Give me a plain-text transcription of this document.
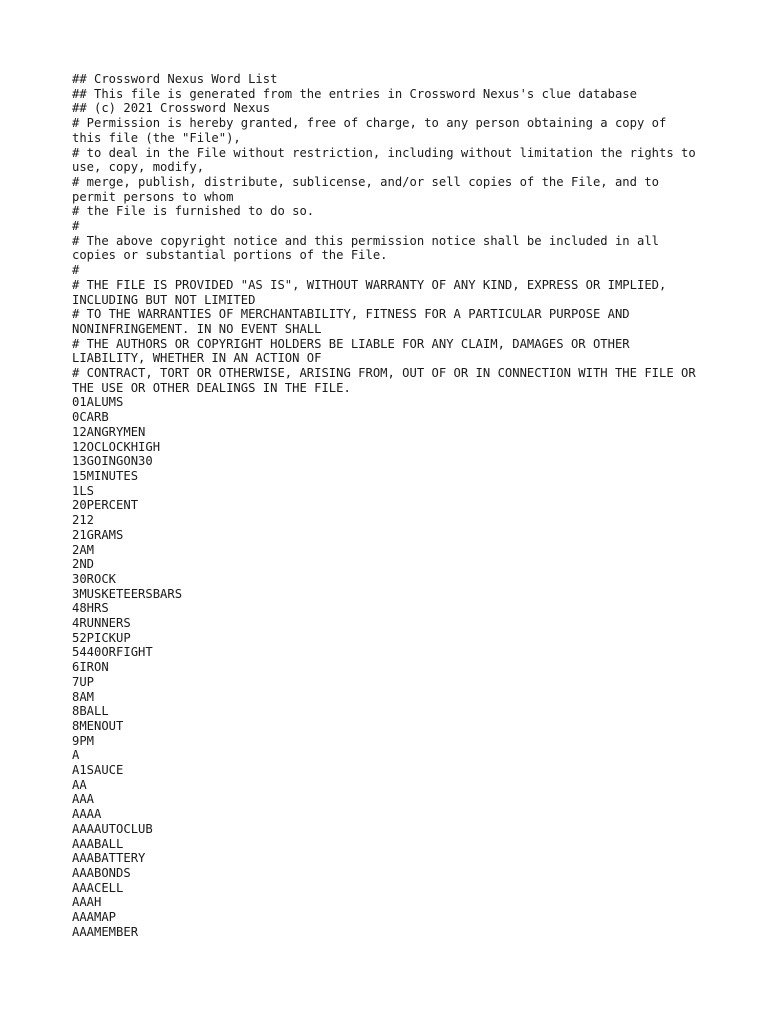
## Crossword Nexus Word List
## This file is generated from the entries in Crossword Nexus's clue database
## (c) 2021 Crossword Nexus
# Permission is hereby granted, free of charge, to any person obtaining a copy of this file (the "File"),
# to deal in the File without restriction, including without limitation the rights to use, copy, modify,
# merge, publish, distribute, sublicense, and/or sell copies of the File, and to permit persons to whom
# the File is furnished to do so.
#
# The above copyright notice and this permission notice shall be included in all copies or substantial portions of the File.
#
# THE FILE IS PROVIDED "AS IS", WITHOUT WARRANTY OF ANY KIND, EXPRESS OR IMPLIED, INCLUDING BUT NOT LIMITED
# TO THE WARRANTIES OF MERCHANTABILITY, FITNESS FOR A PARTICULAR PURPOSE AND NONINFRINGEMENT. IN NO EVENT SHALL
# THE AUTHORS OR COPYRIGHT HOLDERS BE LIABLE FOR ANY CLAIM, DAMAGES OR OTHER LIABILITY, WHETHER IN AN ACTION OF
# CONTRACT, TORT OR OTHERWISE, ARISING FROM, OUT OF OR IN CONNECTION WITH THE FILE OR THE USE OR OTHER DEALINGS IN THE FILE.
01ALUMS
0CARB
12ANGRYMEN
12OCLOCKHIGH
13GOINGON30
15MINUTES
1LS
20PERCENT
212
21GRAMS
2AM
2ND
30ROCK
3MUSKETEERSBARS
48HRS
4RUNNERS
52PICKUP
5440ORFIGHT
6IRON
7UP
8AM
8BALL
8MENOUT
9PM
A
A1SAUCE
AA
AAA
AAAA
AAAAUTOCLUB
AAABALL
AAABATTERY
AAABONDS
AAACELL
AAAH
AAAMAP
AAAMEMBER
